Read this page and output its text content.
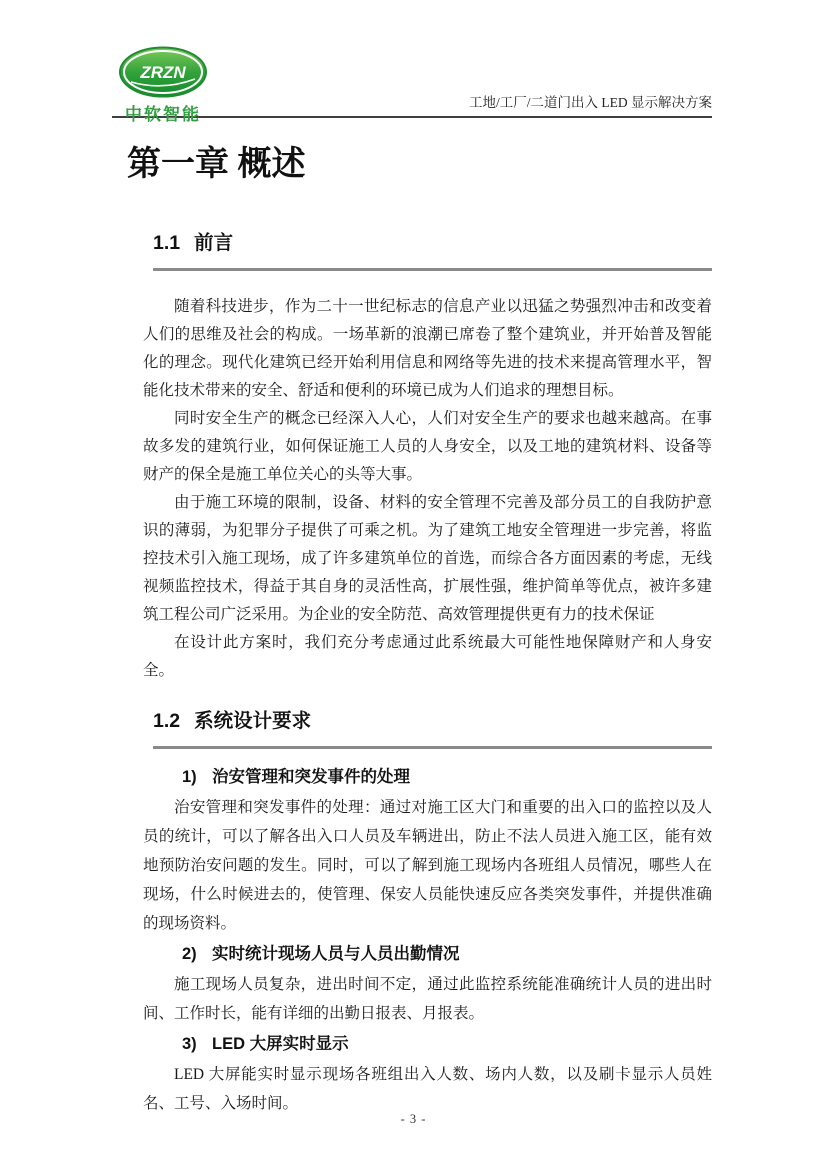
ZRZN
中软智能
工地/工厂/二道门出入 LED 显示解决方案
第一章 概述
1.1 前言

随着科技进步，作为二十一世纪标志的信息产业以迅猛之势强烈冲击和改变着人们的思维及社会的构成。一场革新的浪潮已席卷了整个建筑业，并开始普及智能化的理念。现代化建筑已经开始利用信息和网络等先进的技术来提高管理水平，智能化技术带来的安全、舒适和便利的环境已成为人们追求的理想目标。

同时安全生产的概念已经深入人心，人们对安全生产的要求也越来越高。在事故多发的建筑行业，如何保证施工人员的人身安全，以及工地的建筑材料、设备等财产的保全是施工单位关心的头等大事。

由于施工环境的限制，设备、材料的安全管理不完善及部分员工的自我防护意识的薄弱，为犯罪分子提供了可乘之机。为了建筑工地安全管理进一步完善，将监控技术引入施工现场，成了许多建筑单位的首选，而综合各方面因素的考虑，无线视频监控技术，得益于其自身的灵活性高，扩展性强，维护简单等优点，被许多建筑工程公司广泛采用。为企业的安全防范、高效管理提供更有力的技术保证

在设计此方案时，我们充分考虑通过此系统最大可能性地保障财产和人身安全。

1.2 系统设计要求
1) 治安管理和突发事件的处理

治安管理和突发事件的处理：通过对施工区大门和重要的出入口的监控以及人员的统计，可以了解各出入口人员及车辆进出，防止不法人员进入施工区，能有效地预防治安问题的发生。同时，可以了解到施工现场内各班组人员情况，哪些人在现场，什么时候进去的，使管理、保安人员能快速反应各类突发事件，并提供准确的现场资料。

2) 实时统计现场人员与人员出勤情况

施工现场人员复杂，进出时间不定，通过此监控系统能准确统计人员的进出时间、工作时长，能有详细的出勤日报表、月报表。

3) LED 大屏实时显示

LED 大屏能实时显示现场各班组出入人数、场内人数，以及刷卡显示人员姓名、工号、入场时间。

- 3 -
